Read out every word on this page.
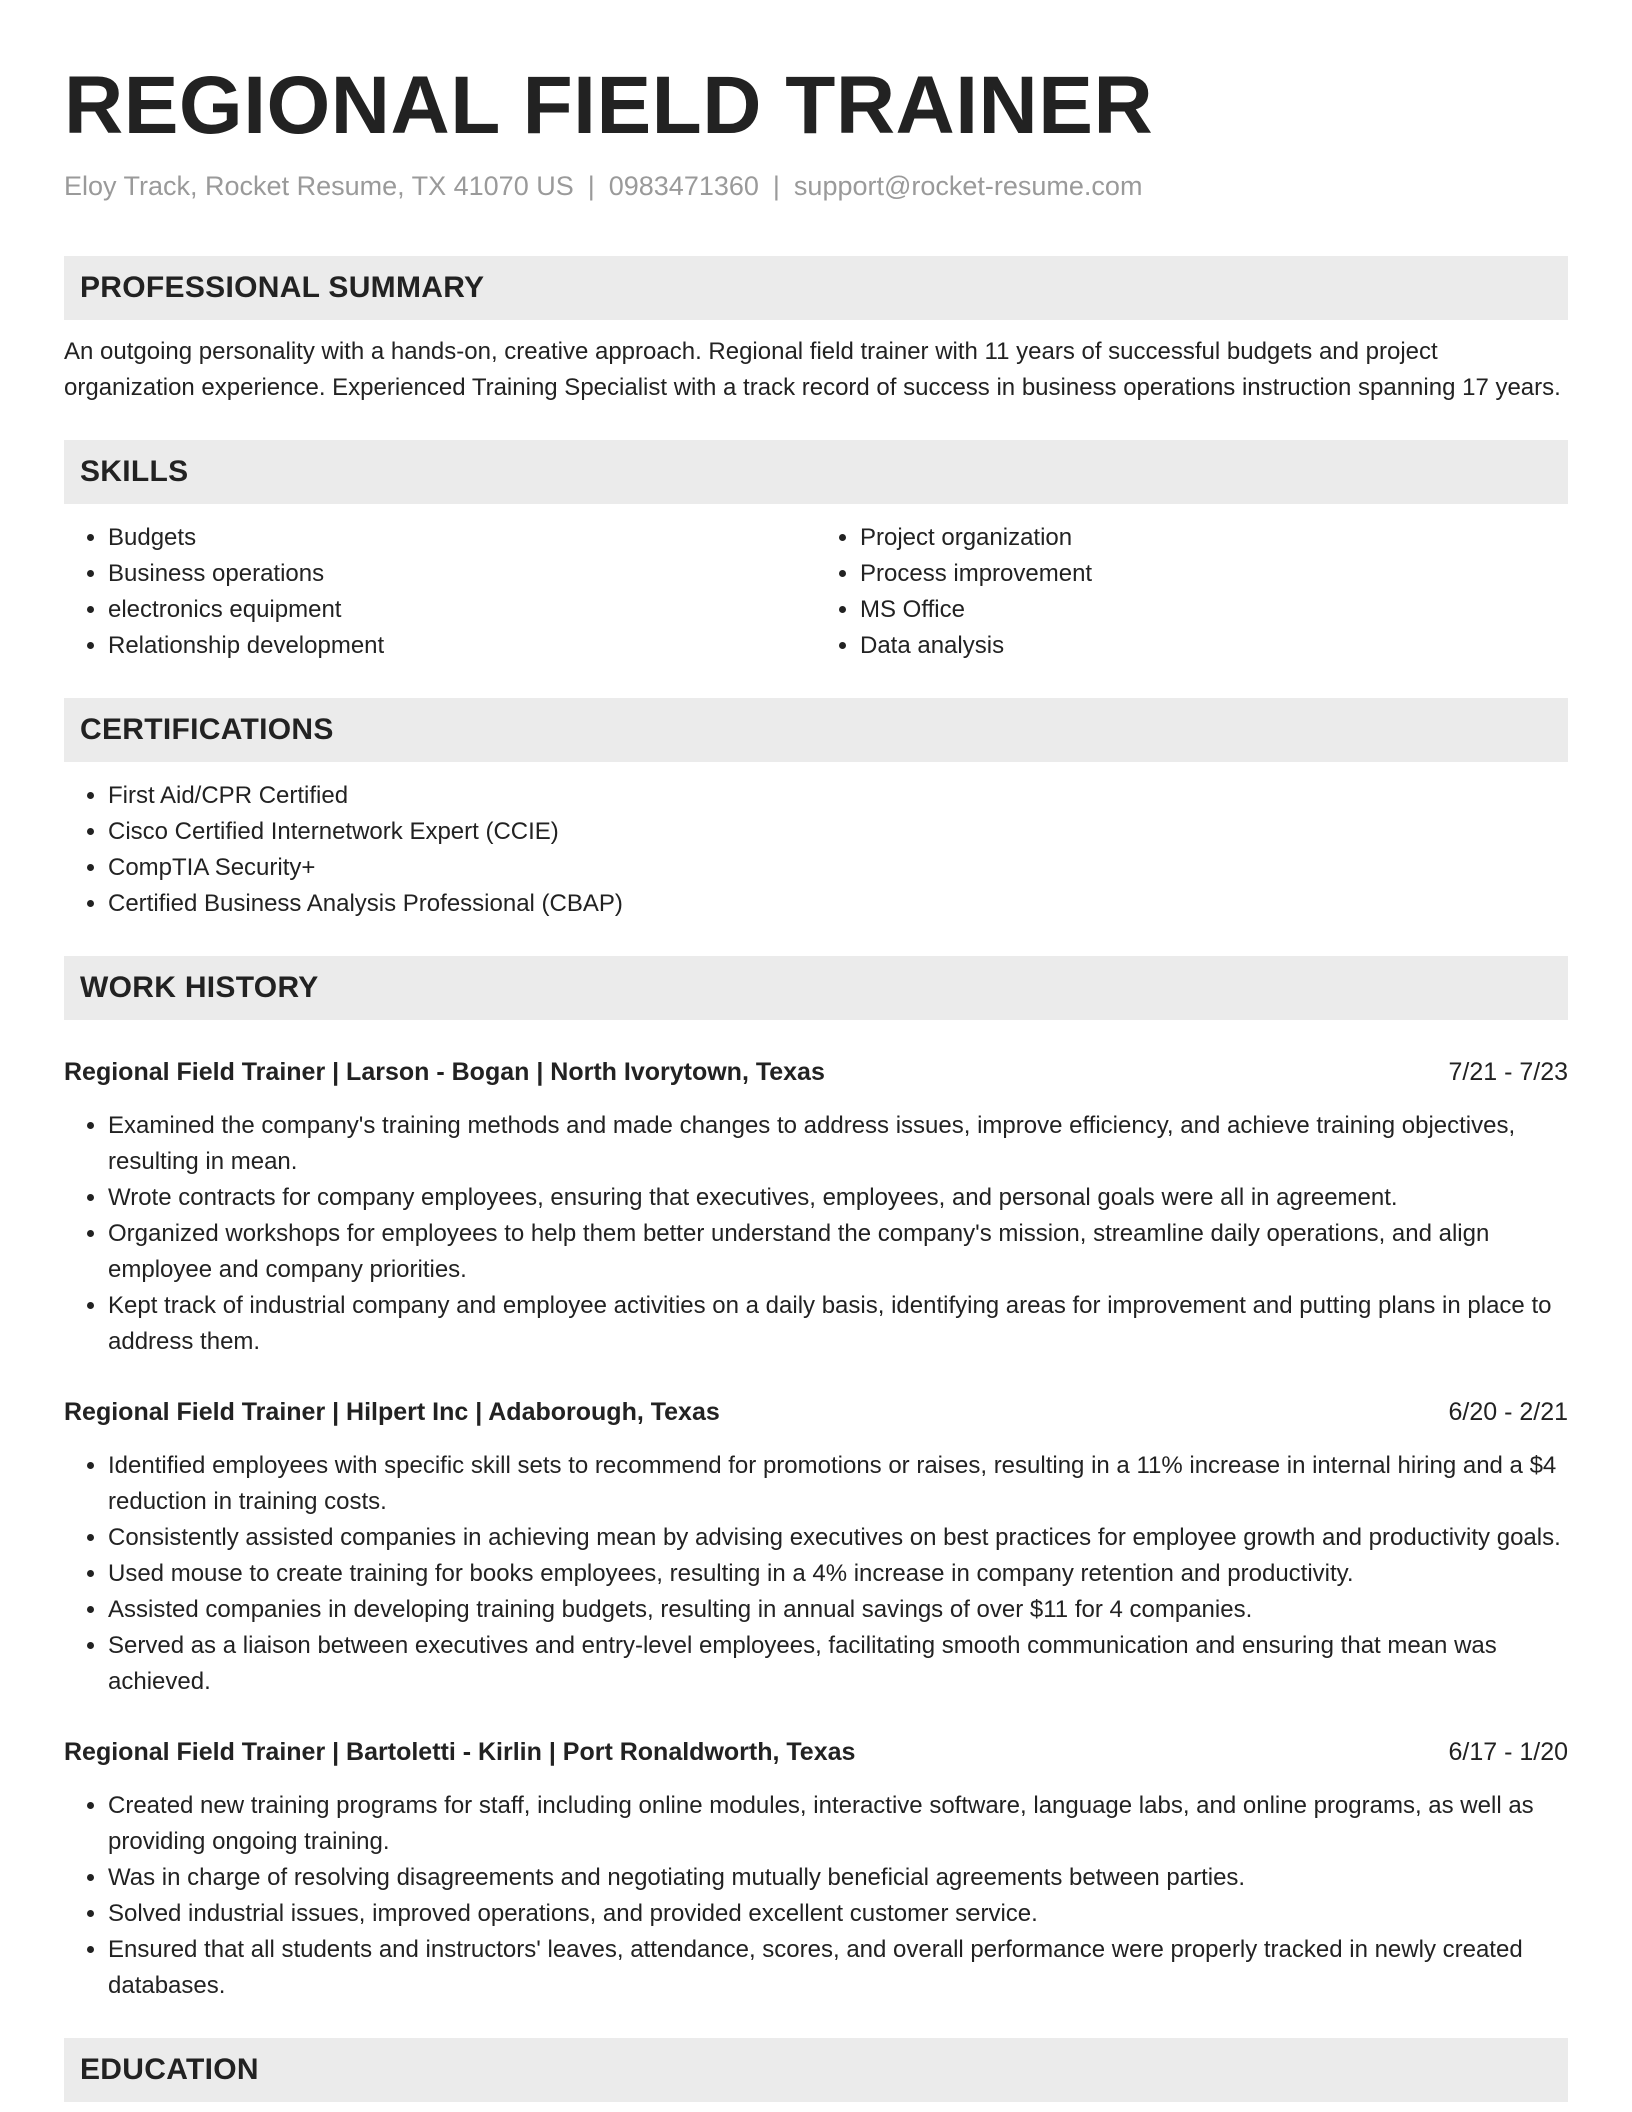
REGIONAL FIELD TRAINER
Eloy Track, Rocket Resume, TX 41070 US | 0983471360 | support@rocket-resume.com
PROFESSIONAL SUMMARY

An outgoing personality with a hands-on, creative approach. Regional field trainer with 11 years of successful budgets and project organization experience. Experienced Training Specialist with a track record of success in business operations instruction spanning 17 years.

SKILLS
• Budgets
• Business operations
• electronics equipment
• Relationship development
• Project organization
• Process improvement
• MS Office
• Data analysis
CERTIFICATIONS
• First Aid/CPR Certified
• Cisco Certified Internetwork Expert (CCIE)
• CompTIA Security+
• Certified Business Analysis Professional (CBAP)
WORK HISTORY
Regional Field Trainer | Larson - Bogan | North Ivorytown, Texas	7/21 - 7/23
• Examined the company's training methods and made changes to address issues, improve efficiency, and achieve training objectives, resulting in mean.
• Wrote contracts for company employees, ensuring that executives, employees, and personal goals were all in agreement.
• Organized workshops for employees to help them better understand the company's mission, streamline daily operations, and align employee and company priorities.
• Kept track of industrial company and employee activities on a daily basis, identifying areas for improvement and putting plans in place to address them.
Regional Field Trainer | Hilpert Inc | Adaborough, Texas	6/20 - 2/21
• Identified employees with specific skill sets to recommend for promotions or raises, resulting in a 11% increase in internal hiring and a $4 reduction in training costs.
• Consistently assisted companies in achieving mean by advising executives on best practices for employee growth and productivity goals.
• Used mouse to create training for books employees, resulting in a 4% increase in company retention and productivity.
• Assisted companies in developing training budgets, resulting in annual savings of over $11 for 4 companies.
• Served as a liaison between executives and entry-level employees, facilitating smooth communication and ensuring that mean was achieved.
Regional Field Trainer | Bartoletti - Kirlin | Port Ronaldworth, Texas	6/17 - 1/20
• Created new training programs for staff, including online modules, interactive software, language labs, and online programs, as well as providing ongoing training.
• Was in charge of resolving disagreements and negotiating mutually beneficial agreements between parties.
• Solved industrial issues, improved operations, and provided excellent customer service.
• Ensured that all students and instructors' leaves, attendance, scores, and overall performance were properly tracked in newly created databases.
EDUCATION
